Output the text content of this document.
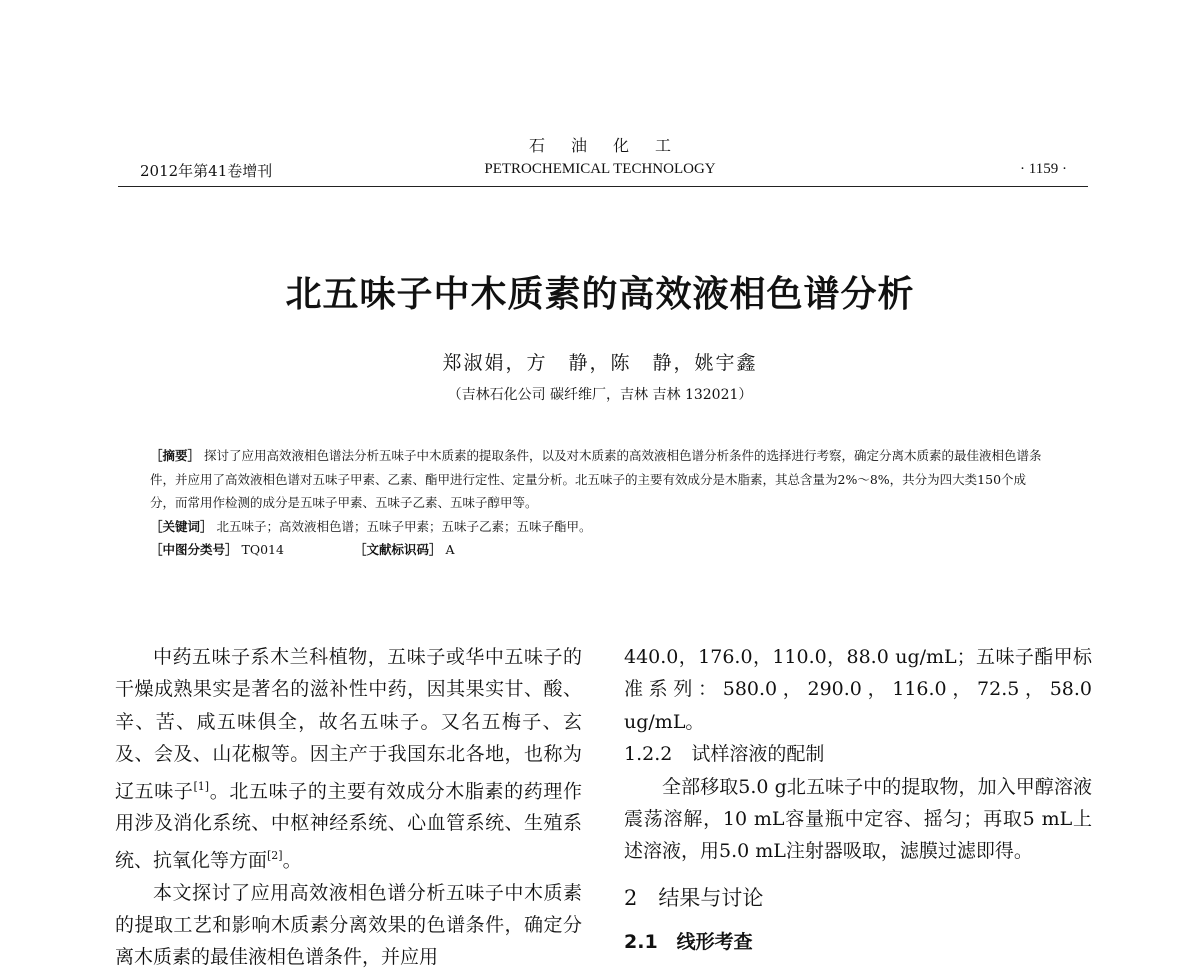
石油化工
2012年第41卷增刊	PETROCHEMICAL TECHNOLOGY	· 1159 ·
北五味子中木质素的高效液相色谱分析
郑淑娟，方　静，陈　静，姚宇鑫
（吉林石化公司 碳纤维厂，吉林 吉林 132021）
［摘要］ 探讨了应用高效液相色谱法分析五味子中木质素的提取条件，以及对木质素的高效液相色谱分析条件的选择进行考察，确定分离木质素的最佳液相色谱条件，并应用了高效液相色谱对五味子甲素、乙素、酯甲进行定性、定量分析。北五味子的主要有效成分是木脂素，其总含量为2%～8%，共分为四大类150个成分，而常用作检测的成分是五味子甲素、五味子乙素、五味子醇甲等。
［关键词］ 北五味子；高效液相色谱；五味子甲素；五味子乙素；五味子酯甲。
［中图分类号］ TQ014	［文献标识码］ A

中药五味子系木兰科植物，五味子或华中五味子的干燥成熟果实是著名的滋补性中药，因其果实甘、酸、辛、苦、咸五味俱全，故名五味子。又名五梅子、玄及、会及、山花椒等。因主产于我国东北各地，也称为辽五味子[1]。北五味子的主要有效成分木脂素的药理作用涉及消化系统、中枢神经系统、心血管系统、生殖系统、抗氧化等方面[2]。

本文探讨了应用高效液相色谱分析五味子中木质素的提取工艺和影响木质素分离效果的色谱条件，确定分离木质素的最佳液相色谱条件，并应用

440.0，176.0，110.0，88.0 ug/mL；五味子酯甲标准系列：580.0，290.0，116.0，72.5，58.0 ug/mL。

1.2.2　试样溶液的配制

全部移取5.0 g北五味子中的提取物，加入甲醇溶液震荡溶解，10 mL容量瓶中定容、摇匀；再取5 mL上述溶液，用5.0 mL注射器吸取，滤膜过滤即得。

2　结果与讨论

2.1　线形考查
